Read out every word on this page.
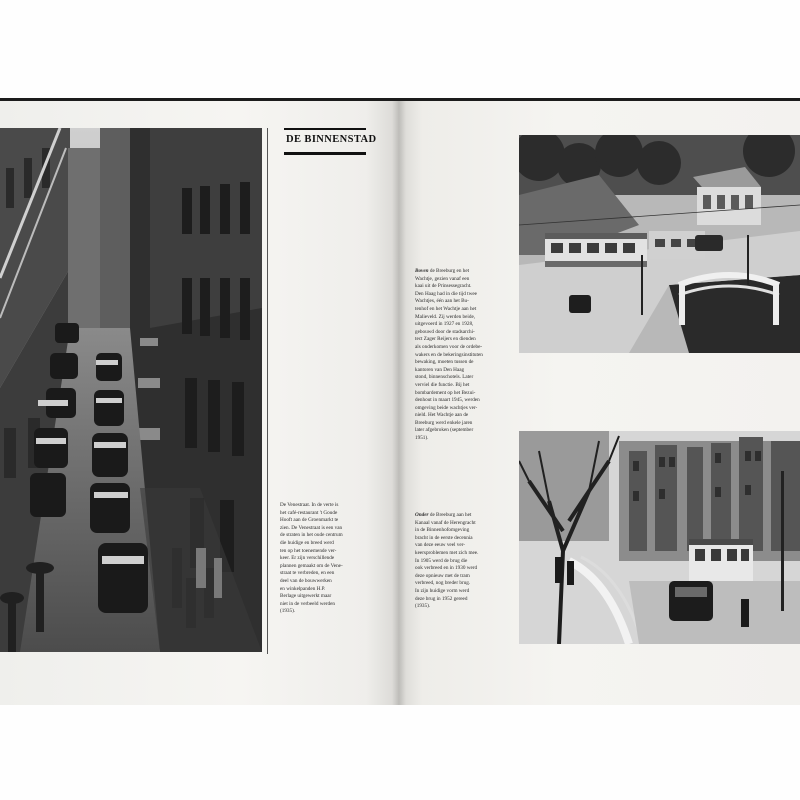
DE BINNENSTAD
De Venestraat. In de verte is
het café-restaurant 't Goude
Hooft aan de Groenmarkt te
zien. De Venestraat is een van
de straten in het oude centrum
die huidige en breed werd
ten op het toenemende ver-
keer. Er zijn verschillende
plannen gemaakt om de Vene-
straat te verbreden, en een
deel van de bouwwerken
en winkelpanden H.P.
Berlage uitgewerkt maar
niet in de verbeeld werden
(1935).
Boven de Breeburg en het
Wachtje, gezien vanaf een
kaai uit de Prinsessegracht.
Den Haag had in die tijd twee
Wachtjes, één aan het Bu-
tenhof en het Wachtje aan het
Malieveld. Zij werden beide,
uitgevoerd in 1927 en 1928,
gebouwd door de stadsarchi-
tect Zager Reijers en dienden
als onderkomen voor de ordebe-
wakers en de bekeringsinstituten
bewaking, moeten tussen de
kantoren van Den Haag
stond, binnenschotels. Later
verviel die functie. Bij het
bombardement op het Bezui-
denhout in maart 1945, werden
omgeving beide wachtjes ver-
nield. Het Wachtje aan de
Breeburg werd enkele jaren
later afgebroken (september
1951).
Onder de Breeburg aan het
Kanaal vanaf de Herengracht
in de Binnenhofomgeving
bracht in de eerste decennia
van deze eeuw veel ver-
keersproblemen met zich mee.
In 1905 werd de brug die
ook verbreed en in 1930 werd
deze opnieuw met de tram
verbreed, nog breder brug.
In zijn huidige vorm werd
deze brug in 1952 gereed
(1935).
